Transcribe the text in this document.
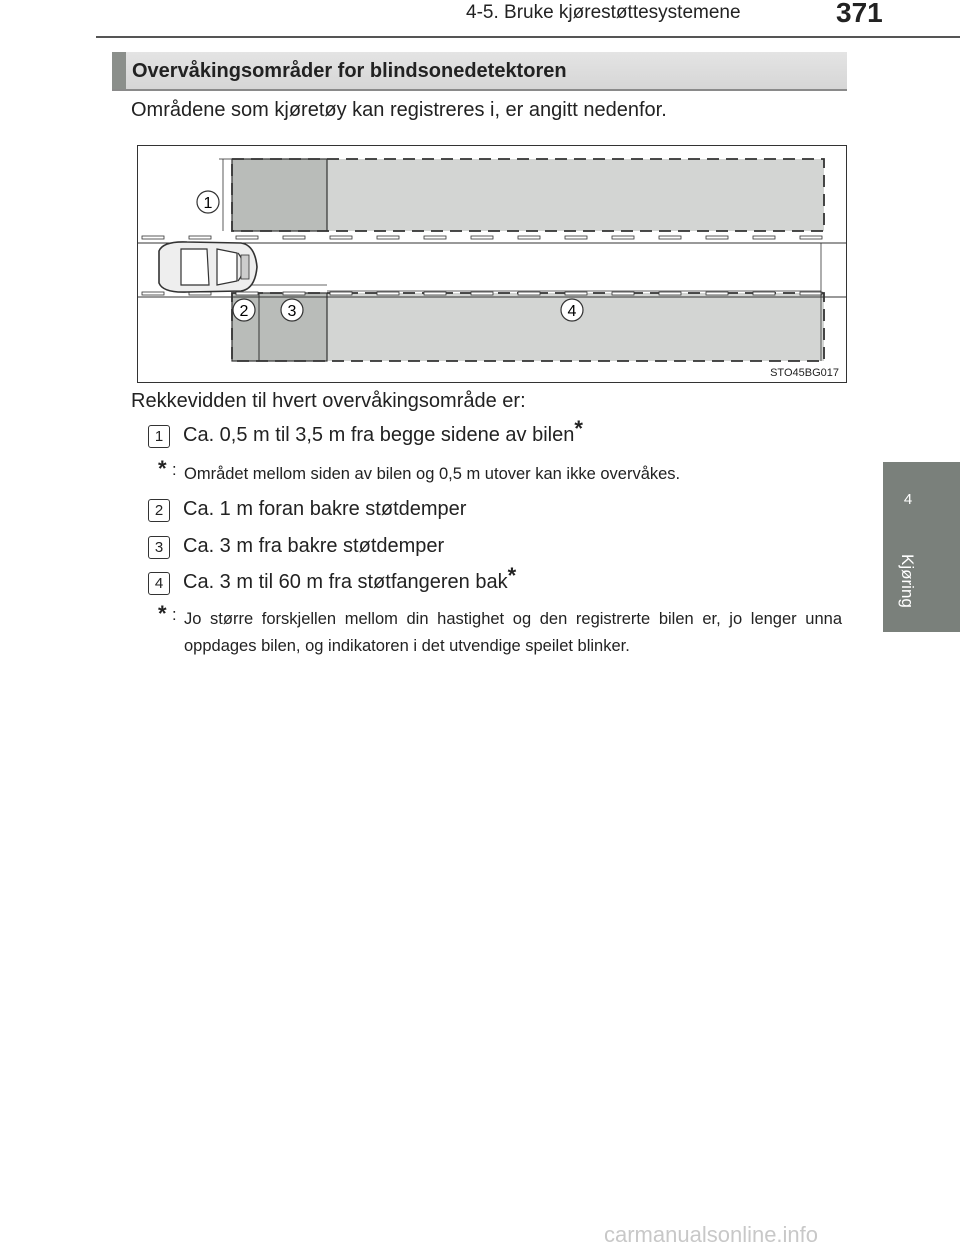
4-5. Bruke kjørestøttesystemene	371
4
Kjøring
Overvåkingsområder for blindsonedetektoren
Områdene som kjøretøy kan registreres i, er angitt nedenfor.
1
2 3	4
STO45BG017
Rekkevidden til hvert overvåkingsområde er:
1 Ca. 0,5 m til 3,5 m fra begge sidene av bilen*
* : Området mellom siden av bilen og 0,5 m utover kan ikke overvåkes.
2 Ca. 1 m foran bakre støtdemper
3 Ca. 3 m fra bakre støtdemper
4 Ca. 3 m til 60 m fra støtfangeren bak*
* : Jo større forskjellen mellom din hastighet og den registrerte bilen er, jo lenger unna oppdages bilen, og indikatoren i det utvendige speilet blinker.
carmanualsonline.info
